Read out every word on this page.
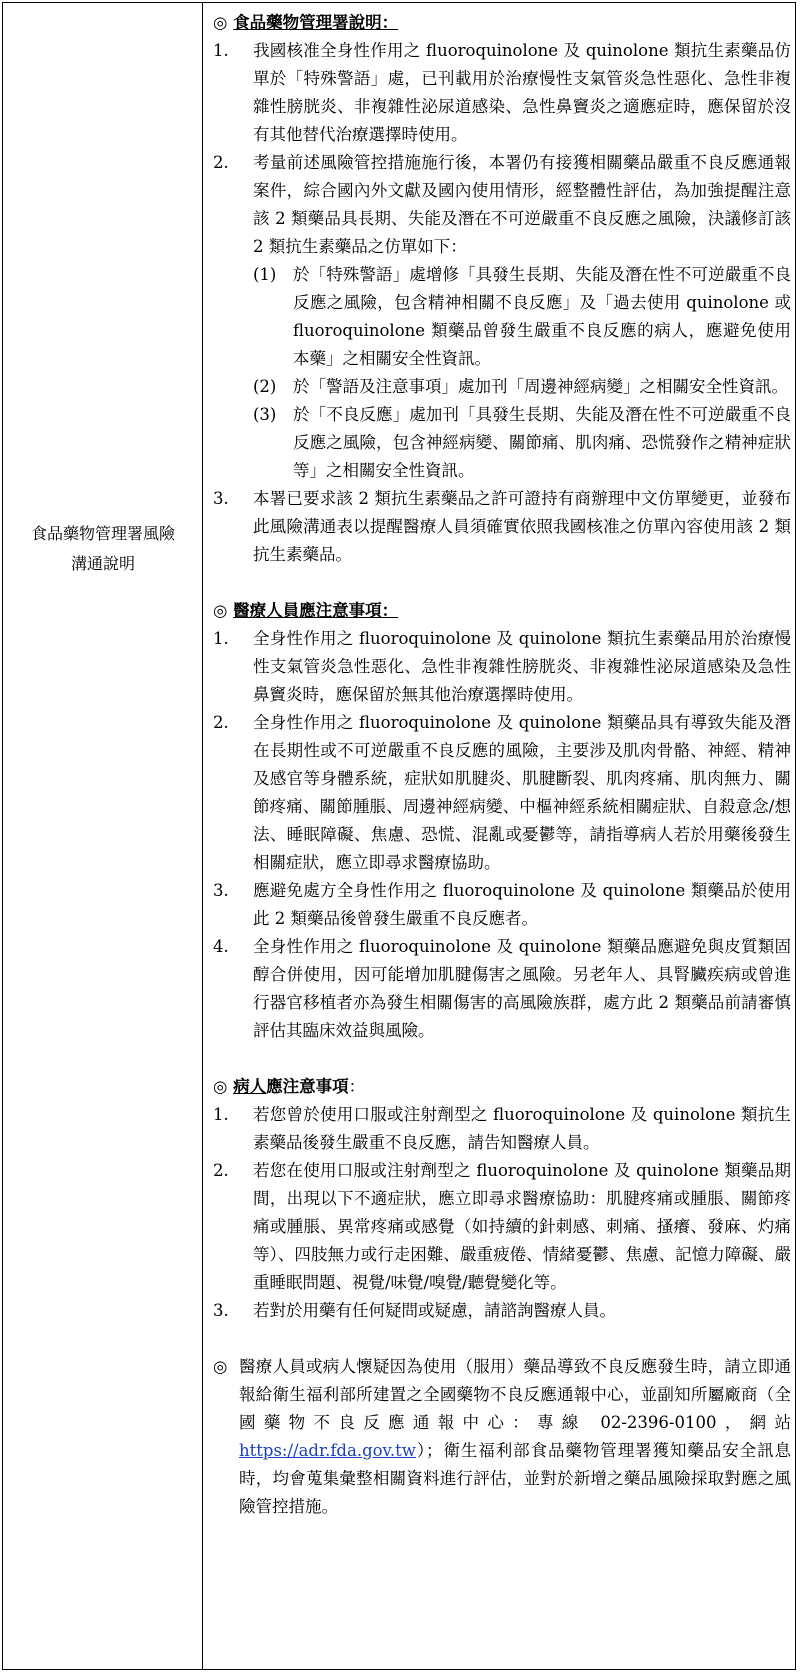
食品藥物管理署風險
溝通說明

◎ 食品藥物管理署說明：

1. 我國核准全身性作用之 fluoroquinolone 及 quinolone 類抗生素藥品仿單於「特殊警語」處，已刊載用於治療慢性支氣管炎急性惡化、急性非複雜性膀胱炎、非複雜性泌尿道感染、急性鼻竇炎之適應症時，應保留於沒有其他替代治療選擇時使用。
2. 考量前述風險管控措施施行後，本署仍有接獲相關藥品嚴重不良反應通報案件，綜合國內外文獻及國內使用情形，經整體性評估，為加強提醒注意該 2 類藥品具長期、失能及潛在不可逆嚴重不良反應之風險，決議修訂該 2 類抗生素藥品之仿單如下：
(1) 於「特殊警語」處增修「具發生長期、失能及潛在性不可逆嚴重不良反應之風險，包含精神相關不良反應」及「過去使用 quinolone 或 fluoroquinolone 類藥品曾發生嚴重不良反應的病人，應避免使用本藥」之相關安全性資訊。
(2) 於「警語及注意事項」處加刊「周邊神經病變」之相關安全性資訊。
(3) 於「不良反應」處加刊「具發生長期、失能及潛在性不可逆嚴重不良反應之風險，包含神經病變、關節痛、肌肉痛、恐慌發作之精神症狀等」之相關安全性資訊。
3. 本署已要求該 2 類抗生素藥品之許可證持有商辦理中文仿單變更，並發布此風險溝通表以提醒醫療人員須確實依照我國核准之仿單內容使用該 2 類抗生素藥品。

◎ 醫療人員應注意事項：

1. 全身性作用之 fluoroquinolone 及 quinolone 類抗生素藥品用於治療慢性支氣管炎急性惡化、急性非複雜性膀胱炎、非複雜性泌尿道感染及急性鼻竇炎時，應保留於無其他治療選擇時使用。
2. 全身性作用之 fluoroquinolone 及 quinolone 類藥品具有導致失能及潛在長期性或不可逆嚴重不良反應的風險，主要涉及肌肉骨骼、神經、精神及感官等身體系統，症狀如肌腱炎、肌腱斷裂、肌肉疼痛、肌肉無力、關節疼痛、關節腫脹、周邊神經病變、中樞神經系統相關症狀、自殺意念/想法、睡眠障礙、焦慮、恐慌、混亂或憂鬱等，請指導病人若於用藥後發生相關症狀，應立即尋求醫療協助。
3. 應避免處方全身性作用之 fluoroquinolone 及 quinolone 類藥品於使用此 2 類藥品後曾發生嚴重不良反應者。
4. 全身性作用之 fluoroquinolone 及 quinolone 類藥品應避免與皮質類固醇合併使用，因可能增加肌腱傷害之風險。另老年人、具腎臟疾病或曾進行器官移植者亦為發生相關傷害的高風險族群，處方此 2 類藥品前請審慎評估其臨床效益與風險。

◎ 病人應注意事項：

1. 若您曾於使用口服或注射劑型之 fluoroquinolone 及 quinolone 類抗生素藥品後發生嚴重不良反應，請告知醫療人員。
2. 若您在使用口服或注射劑型之 fluoroquinolone 及 quinolone 類藥品期間，出現以下不適症狀，應立即尋求醫療協助：肌腱疼痛或腫脹、關節疼痛或腫脹、異常疼痛或感覺（如持續的針刺感、刺痛、搔癢、發麻、灼痛等）、四肢無力或行走困難、嚴重疲倦、情緒憂鬱、焦慮、記憶力障礙、嚴重睡眠問題、視覺/味覺/嗅覺/聽覺變化等。
3. 若對於用藥有任何疑問或疑慮，請諮詢醫療人員。
◎ 醫療人員或病人懷疑因為使用（服用）藥品導致不良反應發生時，請立即通報給衛生福利部所建置之全國藥物不良反應通報中心，並副知所屬廠商（全國藥物不良反應通報中心：專線 02-2396-0100，網站 https://adr.fda.gov.tw）；衛生福利部食品藥物管理署獲知藥品安全訊息時，均會蒐集彙整相關資料進行評估，並對於新增之藥品風險採取對應之風險管控措施。
